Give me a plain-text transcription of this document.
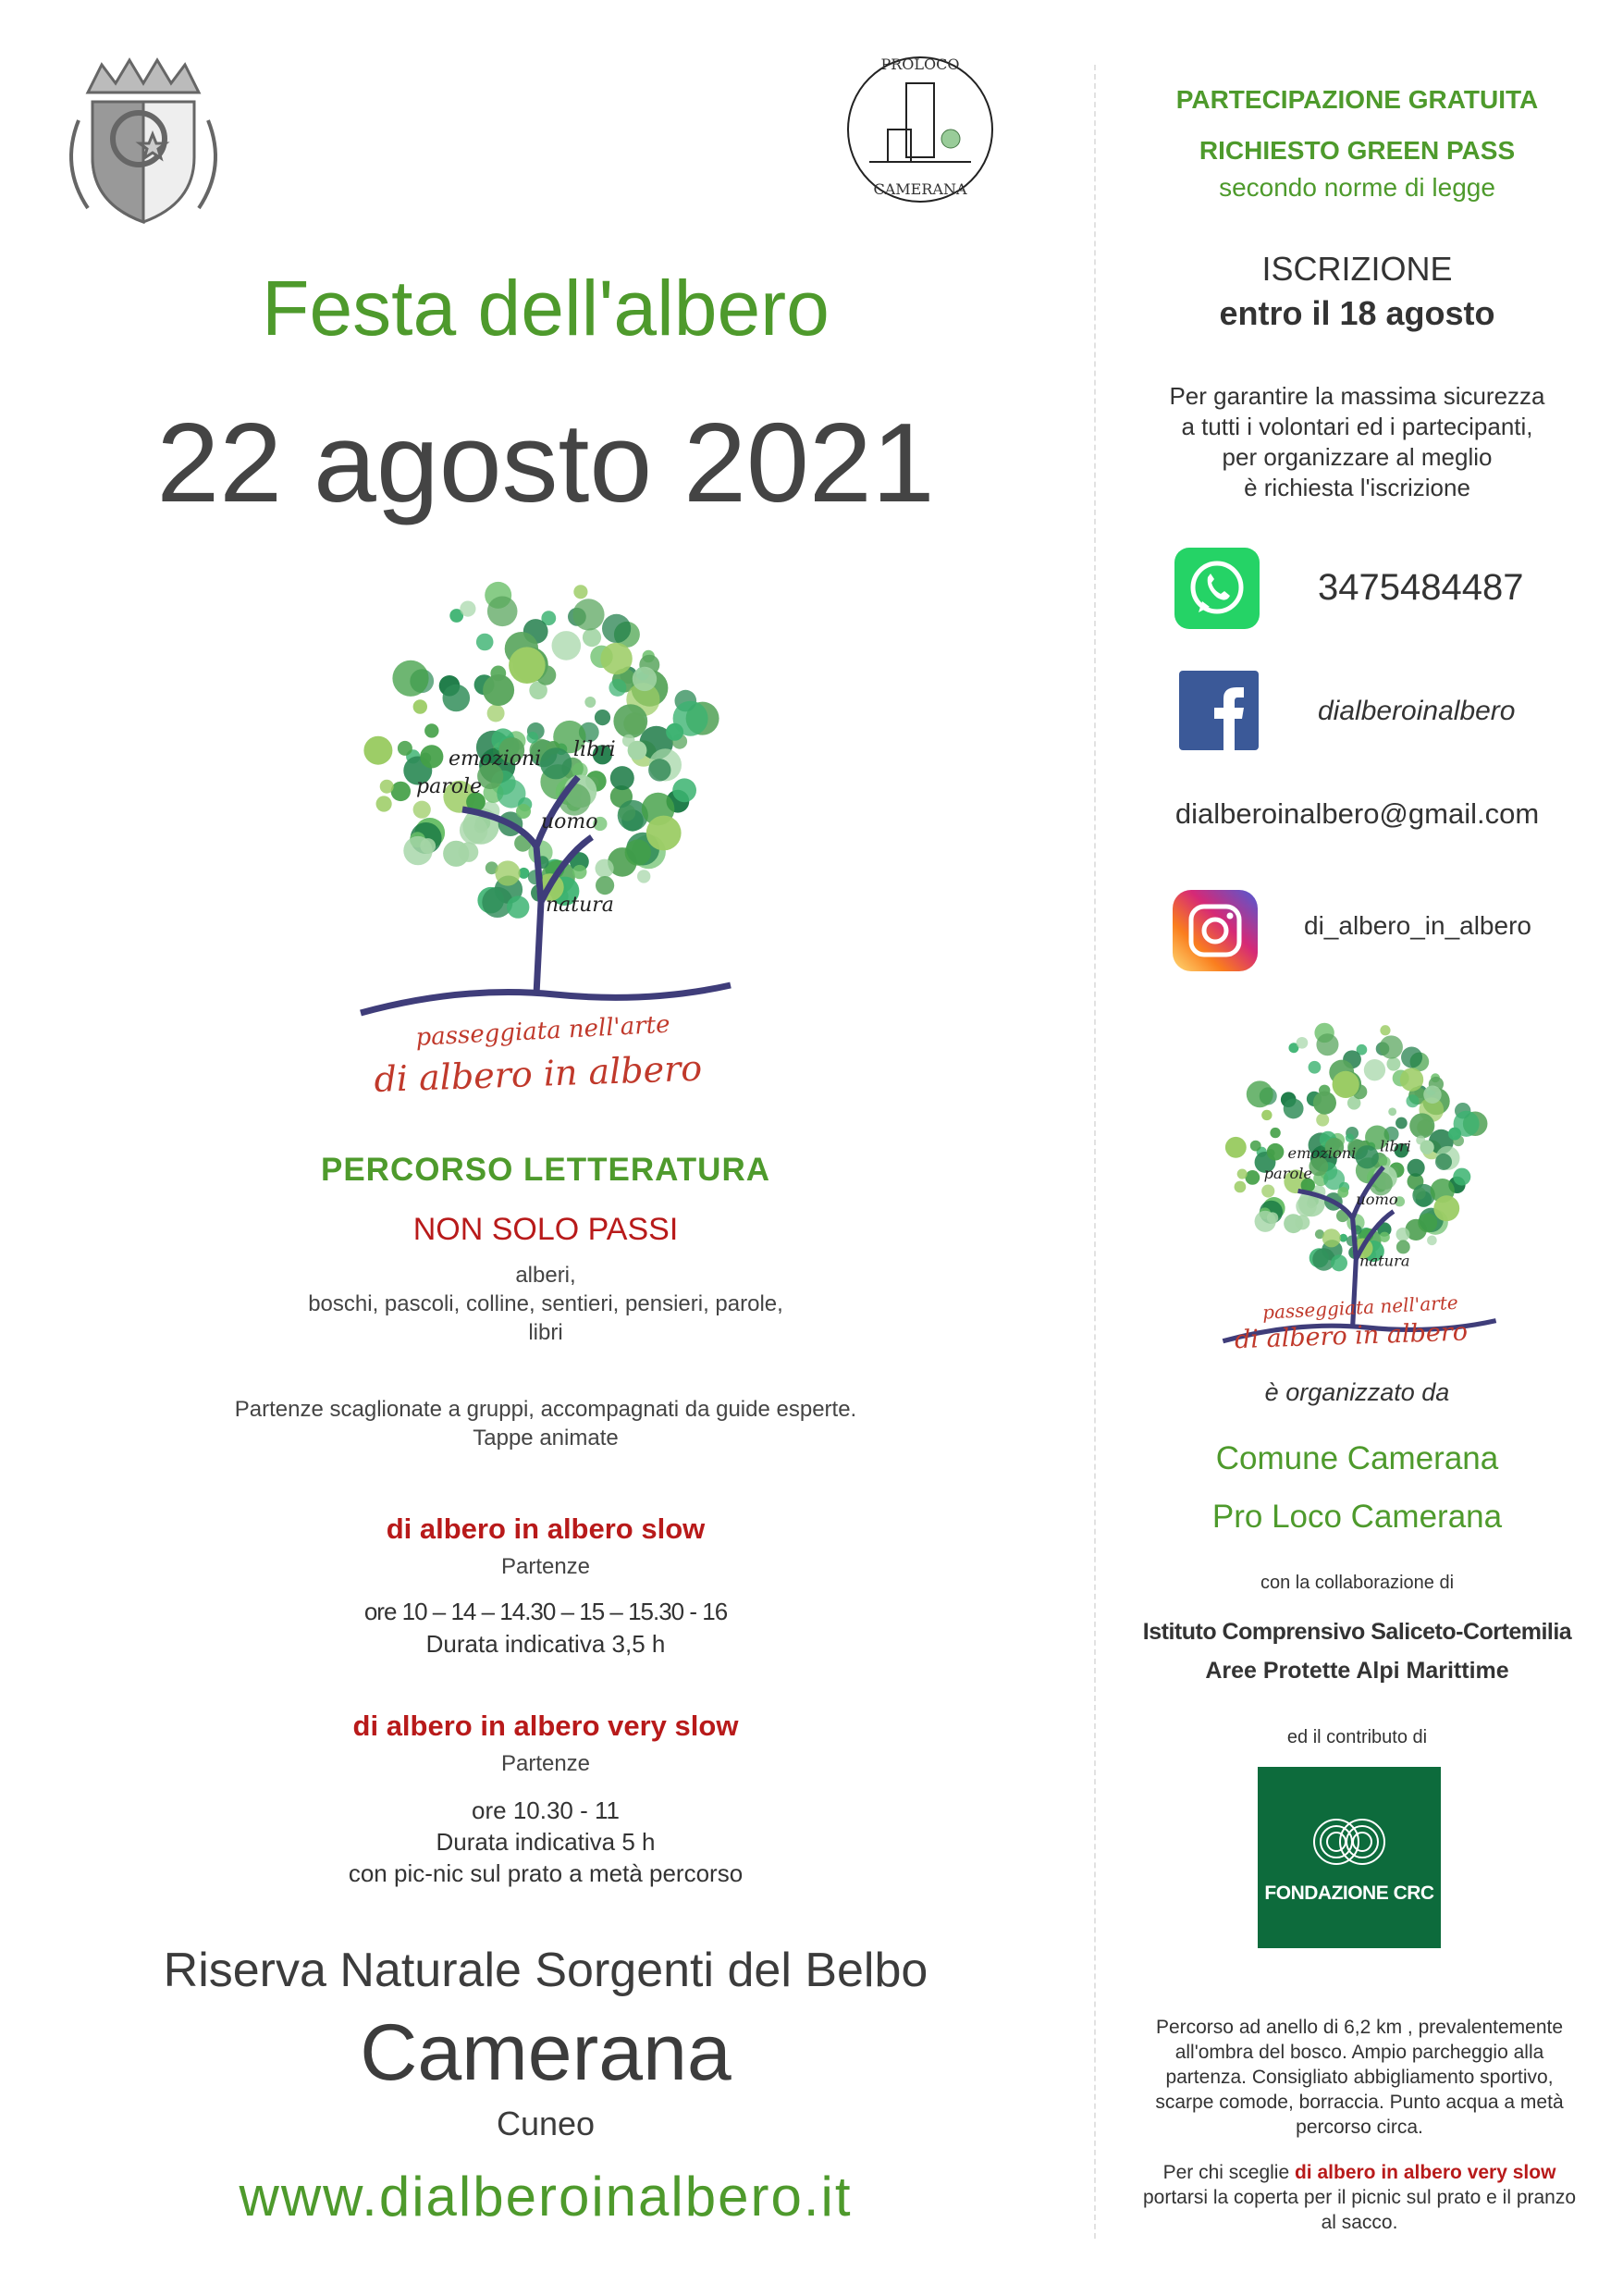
PROLOCO
CAMERANA
Festa dell'albero
22 agosto 2021
emozioni libri
parole
uomo
natura
passeggiata nell'arte
di albero in albero
PERCORSO LETTERATURA
NON SOLO PASSI
alberi,
boschi, pascoli, colline, sentieri, pensieri, parole,
libri
Partenze scaglionate a gruppi, accompagnati da guide esperte.
Tappe animate
di albero in albero slow
Partenze
ore 10 – 14 – 14.30 – 15 – 15.30 - 16
Durata indicativa 3,5 h
di albero in albero very slow
Partenze
ore 10.30 - 11
Durata indicativa 5 h
con pic-nic sul prato a metà percorso
Riserva Naturale Sorgenti del Belbo
Camerana
Cuneo
www.dialberoinalbero.it
PARTECIPAZIONE GRATUITA
RICHIESTO GREEN PASS
secondo norme di legge
ISCRIZIONE
entro il 18 agosto
Per garantire la massima sicurezza
a tutti i volontari ed i partecipanti,
per organizzare al meglio
è richiesta l'iscrizione
3475484487
dialberoinalbero
dialberoinalbero@gmail.com
di_albero_in_albero
emozioni libri
parole
uomo
natura
passeggiata nell'arte
di albero in albero
è organizzato da
Comune Camerana
Pro Loco Camerana
con la collaborazione di
Istituto Comprensivo Saliceto-Cortemilia
Aree Protette Alpi Marittime
ed il contributo di
FONDAZIONE CRC
Percorso ad anello di 6,2 km , prevalentemente
all'ombra del bosco. Ampio parcheggio alla
partenza. Consigliato abbigliamento sportivo,
scarpe comode, borraccia. Punto acqua a metà
percorso circa.
Per chi sceglie di albero in albero very slow
portarsi la coperta per il picnic sul prato e il pranzo
al sacco.
